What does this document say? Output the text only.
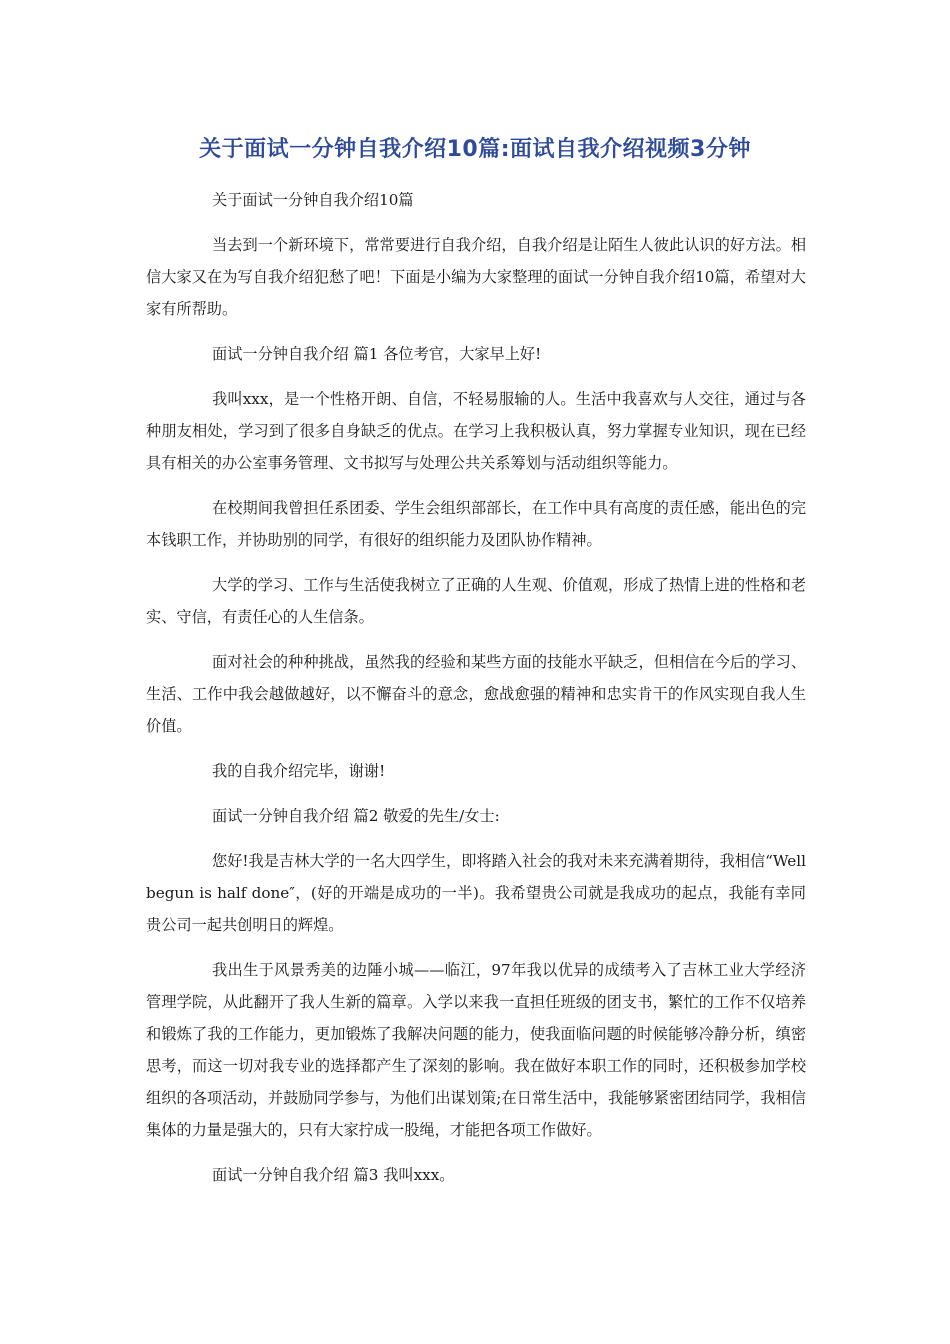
关于面试一分钟自我介绍10篇:面试自我介绍视频3分钟

关于面试一分钟自我介绍10篇

当去到一个新环境下，常常要进行自我介绍，自我介绍是让陌生人彼此认识的好方法。相信大家又在为写自我介绍犯愁了吧！下面是小编为大家整理的面试一分钟自我介绍10篇，希望对大家有所帮助。

面试一分钟自我介绍 篇1 各位考官，大家早上好!

我叫xxx，是一个性格开朗、自信，不轻易服输的人。生活中我喜欢与人交往，通过与各种朋友相处，学习到了很多自身缺乏的优点。在学习上我积极认真，努力掌握专业知识，现在已经具有相关的办公室事务管理、文书拟写与处理公共关系筹划与活动组织等能力。

在校期间我曾担任系团委、学生会组织部部长，在工作中具有高度的责任感，能出色的完本钱职工作，并协助别的同学，有很好的组织能力及团队协作精神。

大学的学习、工作与生活使我树立了正确的人生观、价值观，形成了热情上进的性格和老实、守信，有责任心的人生信条。

面对社会的种种挑战，虽然我的经验和某些方面的技能水平缺乏，但相信在今后的学习、生活、工作中我会越做越好，以不懈奋斗的意念，愈战愈强的精神和忠实肯干的作风实现自我人生价值。

我的自我介绍完毕，谢谢!

面试一分钟自我介绍 篇2 敬爱的先生/女士:

您好!我是吉林大学的一名大四学生，即将踏入社会的我对未来充满着期待，我相信“Well begun is half done″，(好的开端是成功的一半)。我希望贵公司就是我成功的起点，我能有幸同贵公司一起共创明日的辉煌。

我出生于风景秀美的边陲小城——临江，97年我以优异的成绩考入了吉林工业大学经济管理学院，从此翻开了我人生新的篇章。入学以来我一直担任班级的团支书，繁忙的工作不仅培养和锻炼了我的工作能力，更加锻炼了我解决问题的能力，使我面临问题的时候能够冷静分析，缜密思考，而这一切对我专业的选择都产生了深刻的影响。我在做好本职工作的同时，还积极参加学校组织的各项活动，并鼓励同学参与，为他们出谋划策;在日常生活中，我能够紧密团结同学，我相信集体的力量是强大的，只有大家拧成一股绳，才能把各项工作做好。

面试一分钟自我介绍 篇3 我叫xxx。
